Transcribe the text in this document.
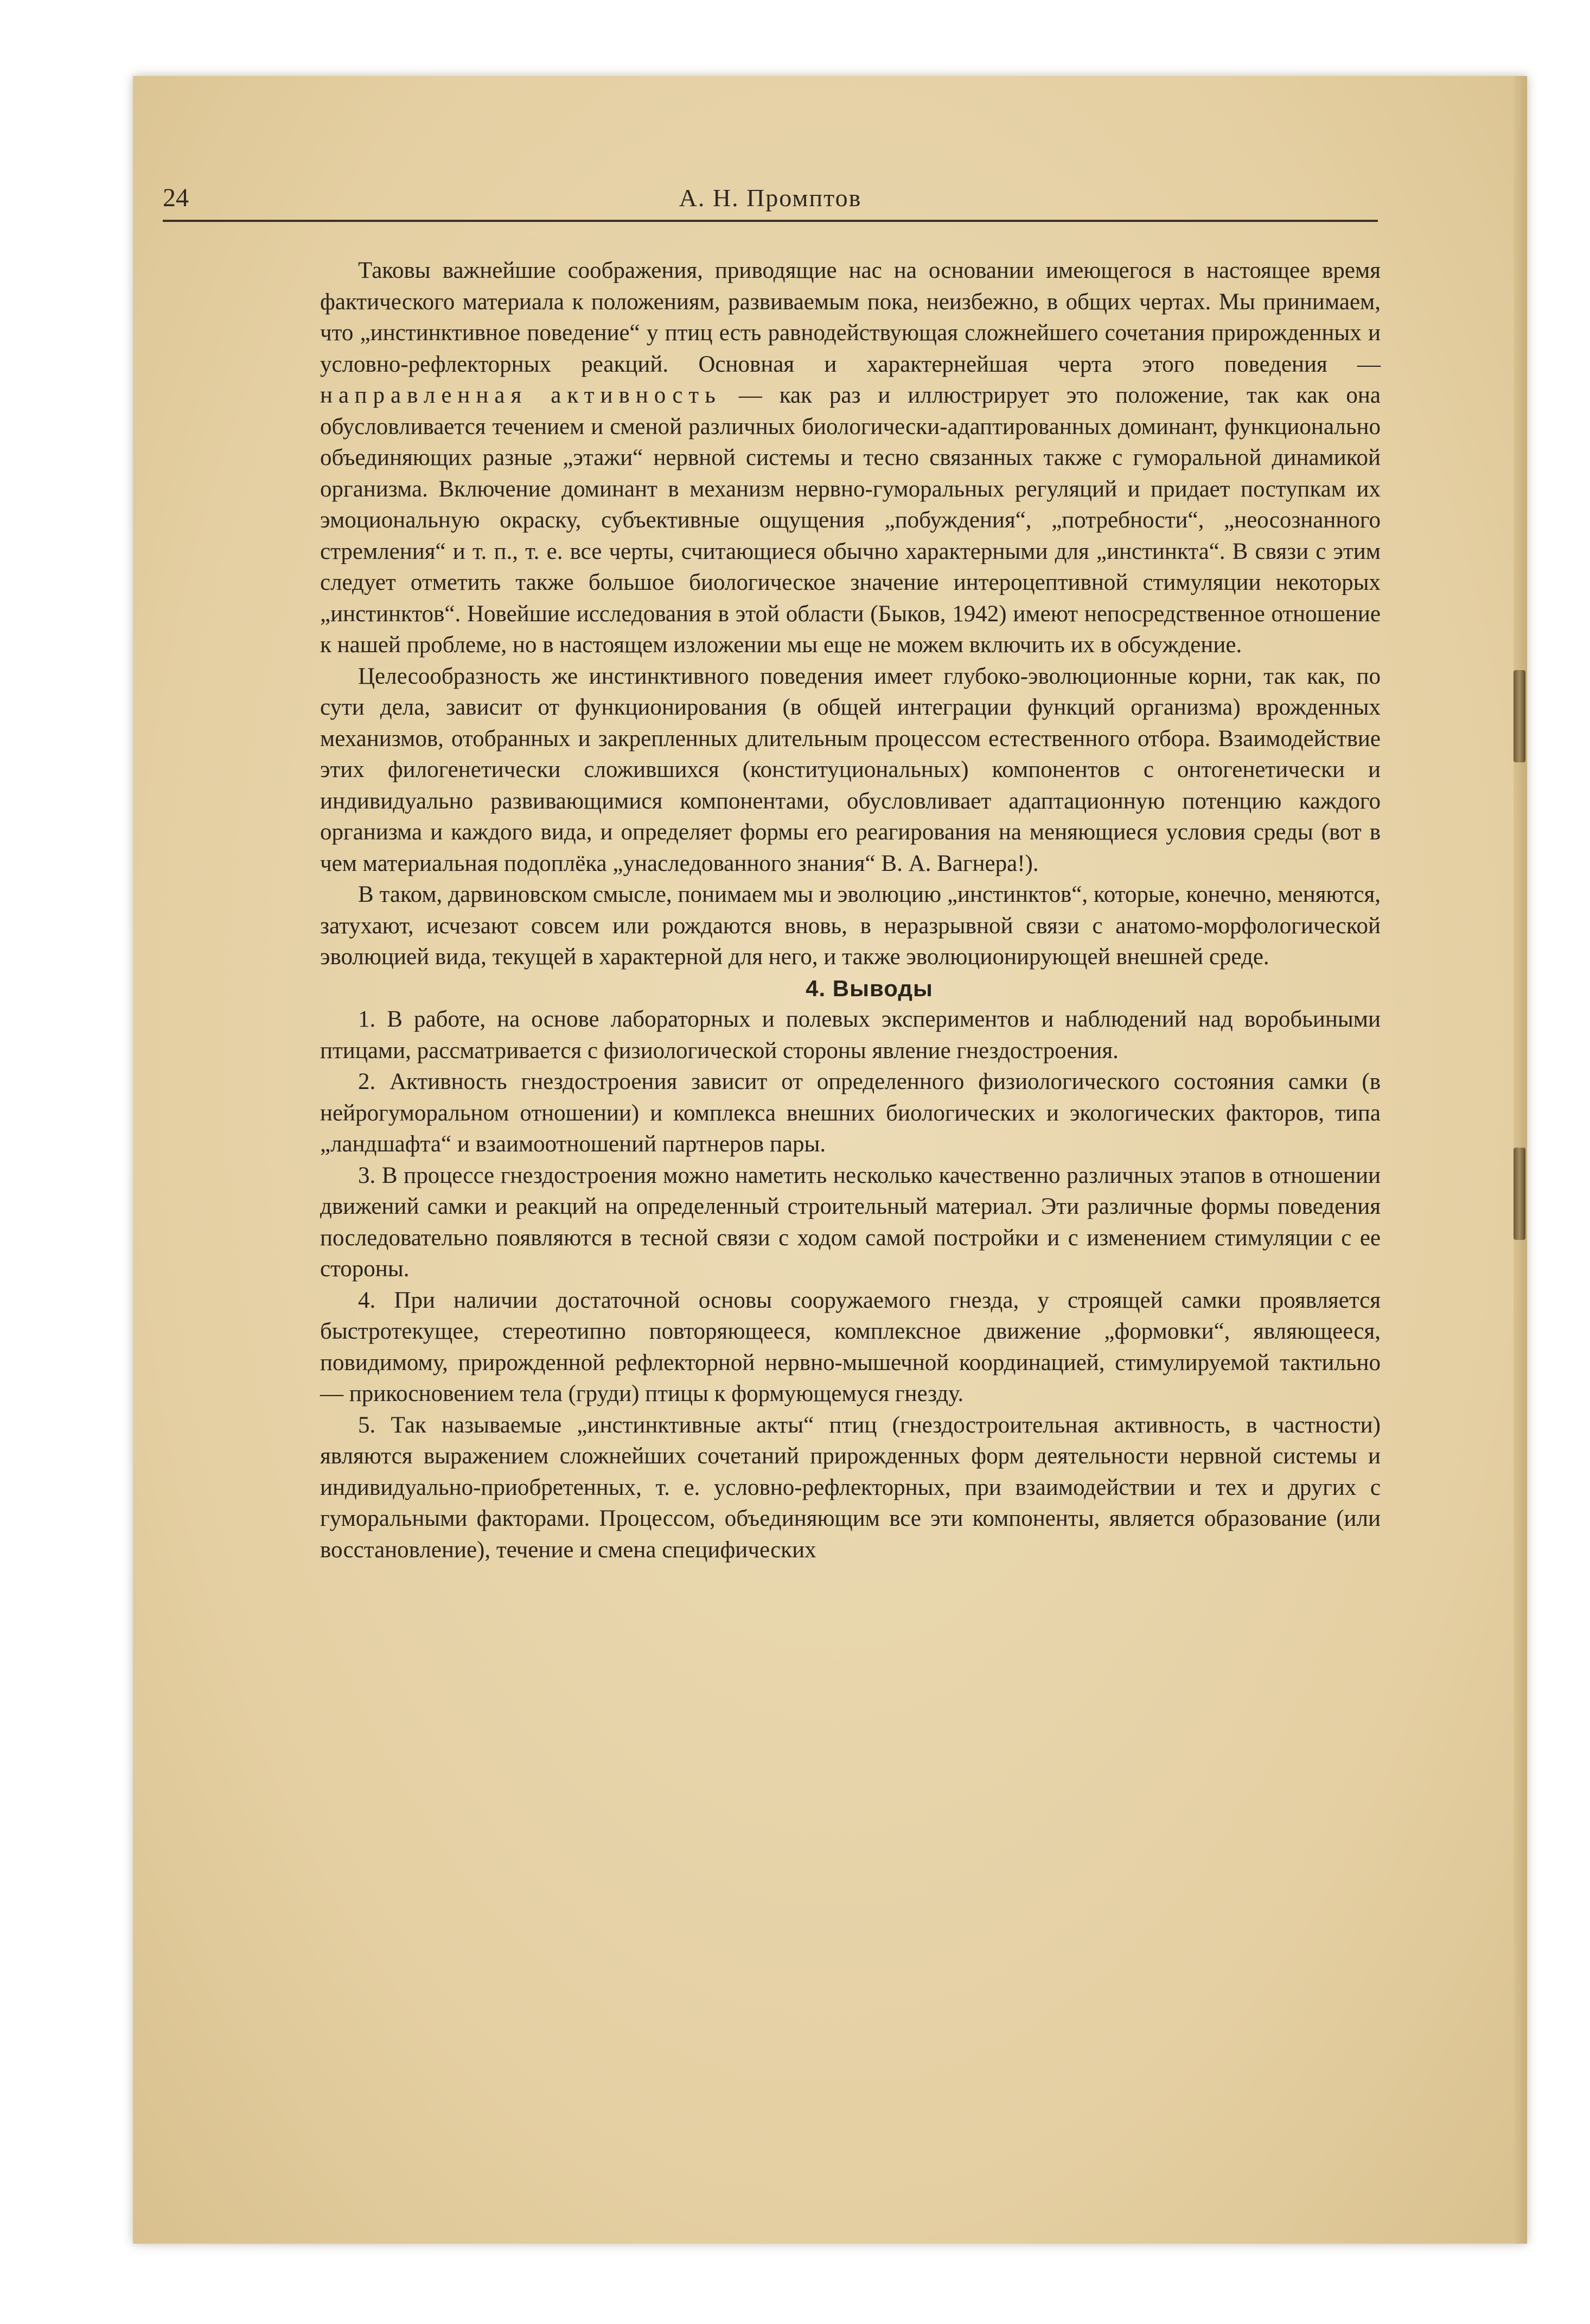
24	А. Н. Промптов

Таковы важнейшие соображения, приводящие нас на основании имеющегося в настоящее время фактического материала к положениям, развиваемым пока, неизбежно, в общих чертах. Мы принимаем, что „инстинктивное поведение“ у птиц есть равнодействующая сложнейшего сочетания прирожденных и условно-рефлекторных реакций. Основная и характернейшая черта этого поведения — направленная активность — как раз и иллюстрирует это положение, так как она обусловливается течением и сменой различных биологически-адаптированных доминант, функционально объединяющих разные „этажи“ нервной системы и тесно связанных также с гуморальной динамикой организма. Включение доминант в механизм нервно-гуморальных регуляций и придает поступкам их эмоциональную окраску, субъективные ощущения „побуждения“, „потребности“, „неосознанного стремления“ и т. п., т. е. все черты, считающиеся обычно характерными для „инстинкта“. В связи с этим следует отметить также большое биологическое значение интероцептивной стимуляции некоторых „инстинктов“. Новейшие исследования в этой области (Быков, 1942) имеют непосредственное отношение к нашей проблеме, но в настоящем изложении мы еще не можем включить их в обсуждение.

Целесообразность же инстинктивного поведения имеет глубоко-эволюционные корни, так как, по сути дела, зависит от функционирования (в общей интеграции функций организма) врожденных механизмов, отобранных и закрепленных длительным процессом естественного отбора. Взаимодействие этих филогенетически сложившихся (конституциональных) компонентов с онтогенетически и индивидуально развивающимися компонентами, обусловливает адаптационную потенцию каждого организма и каждого вида, и определяет формы его реагирования на меняющиеся условия среды (вот в чем материальная подоплёка „унаследованного знания“ В. А. Вагнера!).

В таком, дарвиновском смысле, понимаем мы и эволюцию „инстинктов“, которые, конечно, меняются, затухают, исчезают совсем или рождаются вновь, в неразрывной связи с анатомо-морфологической эволюцией вида, текущей в характерной для него, и также эволюционирующей внешней среде.

4. Выводы

1. В работе, на основе лабораторных и полевых экспериментов и наблюдений над воробьиными птицами, рассматривается с физиологической стороны явление гнездостроения.

2. Активность гнездостроения зависит от определенного физиологического состояния самки (в нейрогуморальном отношении) и комплекса внешних биологических и экологических факторов, типа „ландшафта“ и взаимоотношений партнеров пары.

3. В процессе гнездостроения можно наметить несколько качественно различных этапов в отношении движений самки и реакций на определенный строительный материал. Эти различные формы поведения последовательно появляются в тесной связи с ходом самой постройки и с изменением стимуляции с ее стороны.

4. При наличии достаточной основы сооружаемого гнезда, у строящей самки проявляется быстротекущее, стереотипно повторяющееся, комплексное движение „формовки“, являющееся, повидимому, прирожденной рефлекторной нервно-мышечной координацией, стимулируемой тактильно — прикосновением тела (груди) птицы к формующемуся гнезду.

5. Так называемые „инстинктивные акты“ птиц (гнездостроительная активность, в частности) являются выражением сложнейших сочетаний прирожденных форм деятельности нервной системы и индивидуально-приобретенных, т. е. условно-рефлекторных, при взаимодействии и тех и других с гуморальными факторами. Процессом, объединяющим все эти компоненты, является образование (или восстановление), течение и смена специфических
